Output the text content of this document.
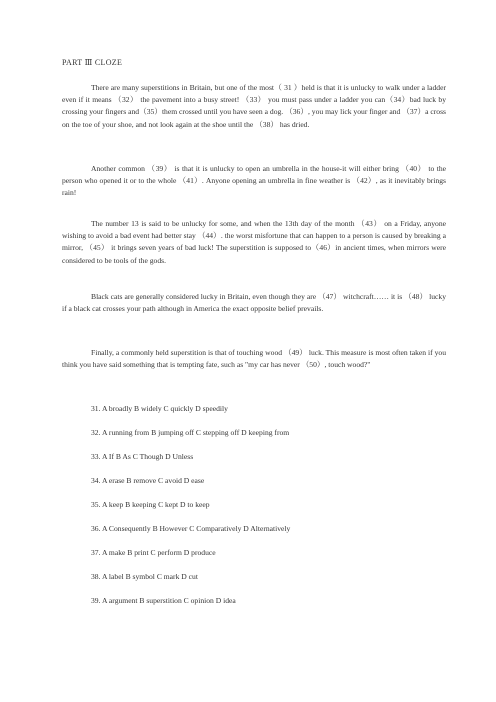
PART Ⅲ CLOZE

There are many superstitions in Britain, but one of the most（ 31 ）held is that it is unlucky to walk under a ladder even if it means （32） the pavement into a busy street! （33） you must pass under a ladder you can（34）bad luck by crossing your fingers and（35）them crossed until you have seen a dog. （36）, you may lick your finger and （37）a cross on the toe of your shoe, and not look again at the shoe until the （38） has dried.

Another common （39） is that it is unlucky to open an umbrella in the house-it will either bring （40） to the person who opened it or to the whole （41）. Anyone opening an umbrella in fine weather is （42）, as it inevitably brings rain!

The number 13 is said to be unlucky for some, and when the 13th day of the month （43） on a Friday, anyone wishing to avoid a bad event had better stay （44）. the worst misfortune that can happen to a person is caused by breaking a mirror, （45） it brings seven years of bad luck! The superstition is supposed to（46）in ancient times, when mirrors were considered to be tools of the gods.

Black cats are generally considered lucky in Britain, even though they are （47） witchcraft…… it is （48） lucky if a black cat crosses your path although in America the exact opposite belief prevails.

Finally, a commonly held superstition is that of touching wood （49） luck. This measure is most often taken if you think you have said something that is tempting fate, such as "my car has never （50）, touch wood?"

31. A broadly B widely C quickly D speedily
32. A running from B jumping off C stepping off D keeping from
33. A If B As C Though D Unless
34. A erase B remove C avoid D ease
35. A keep B keeping C kept D to keep
36. A Consequently B However C Comparatively D Alternatively
37. A make B print C perform D produce
38. A label B symbol C mark D cut
39. A argument B superstition C opinion D idea
